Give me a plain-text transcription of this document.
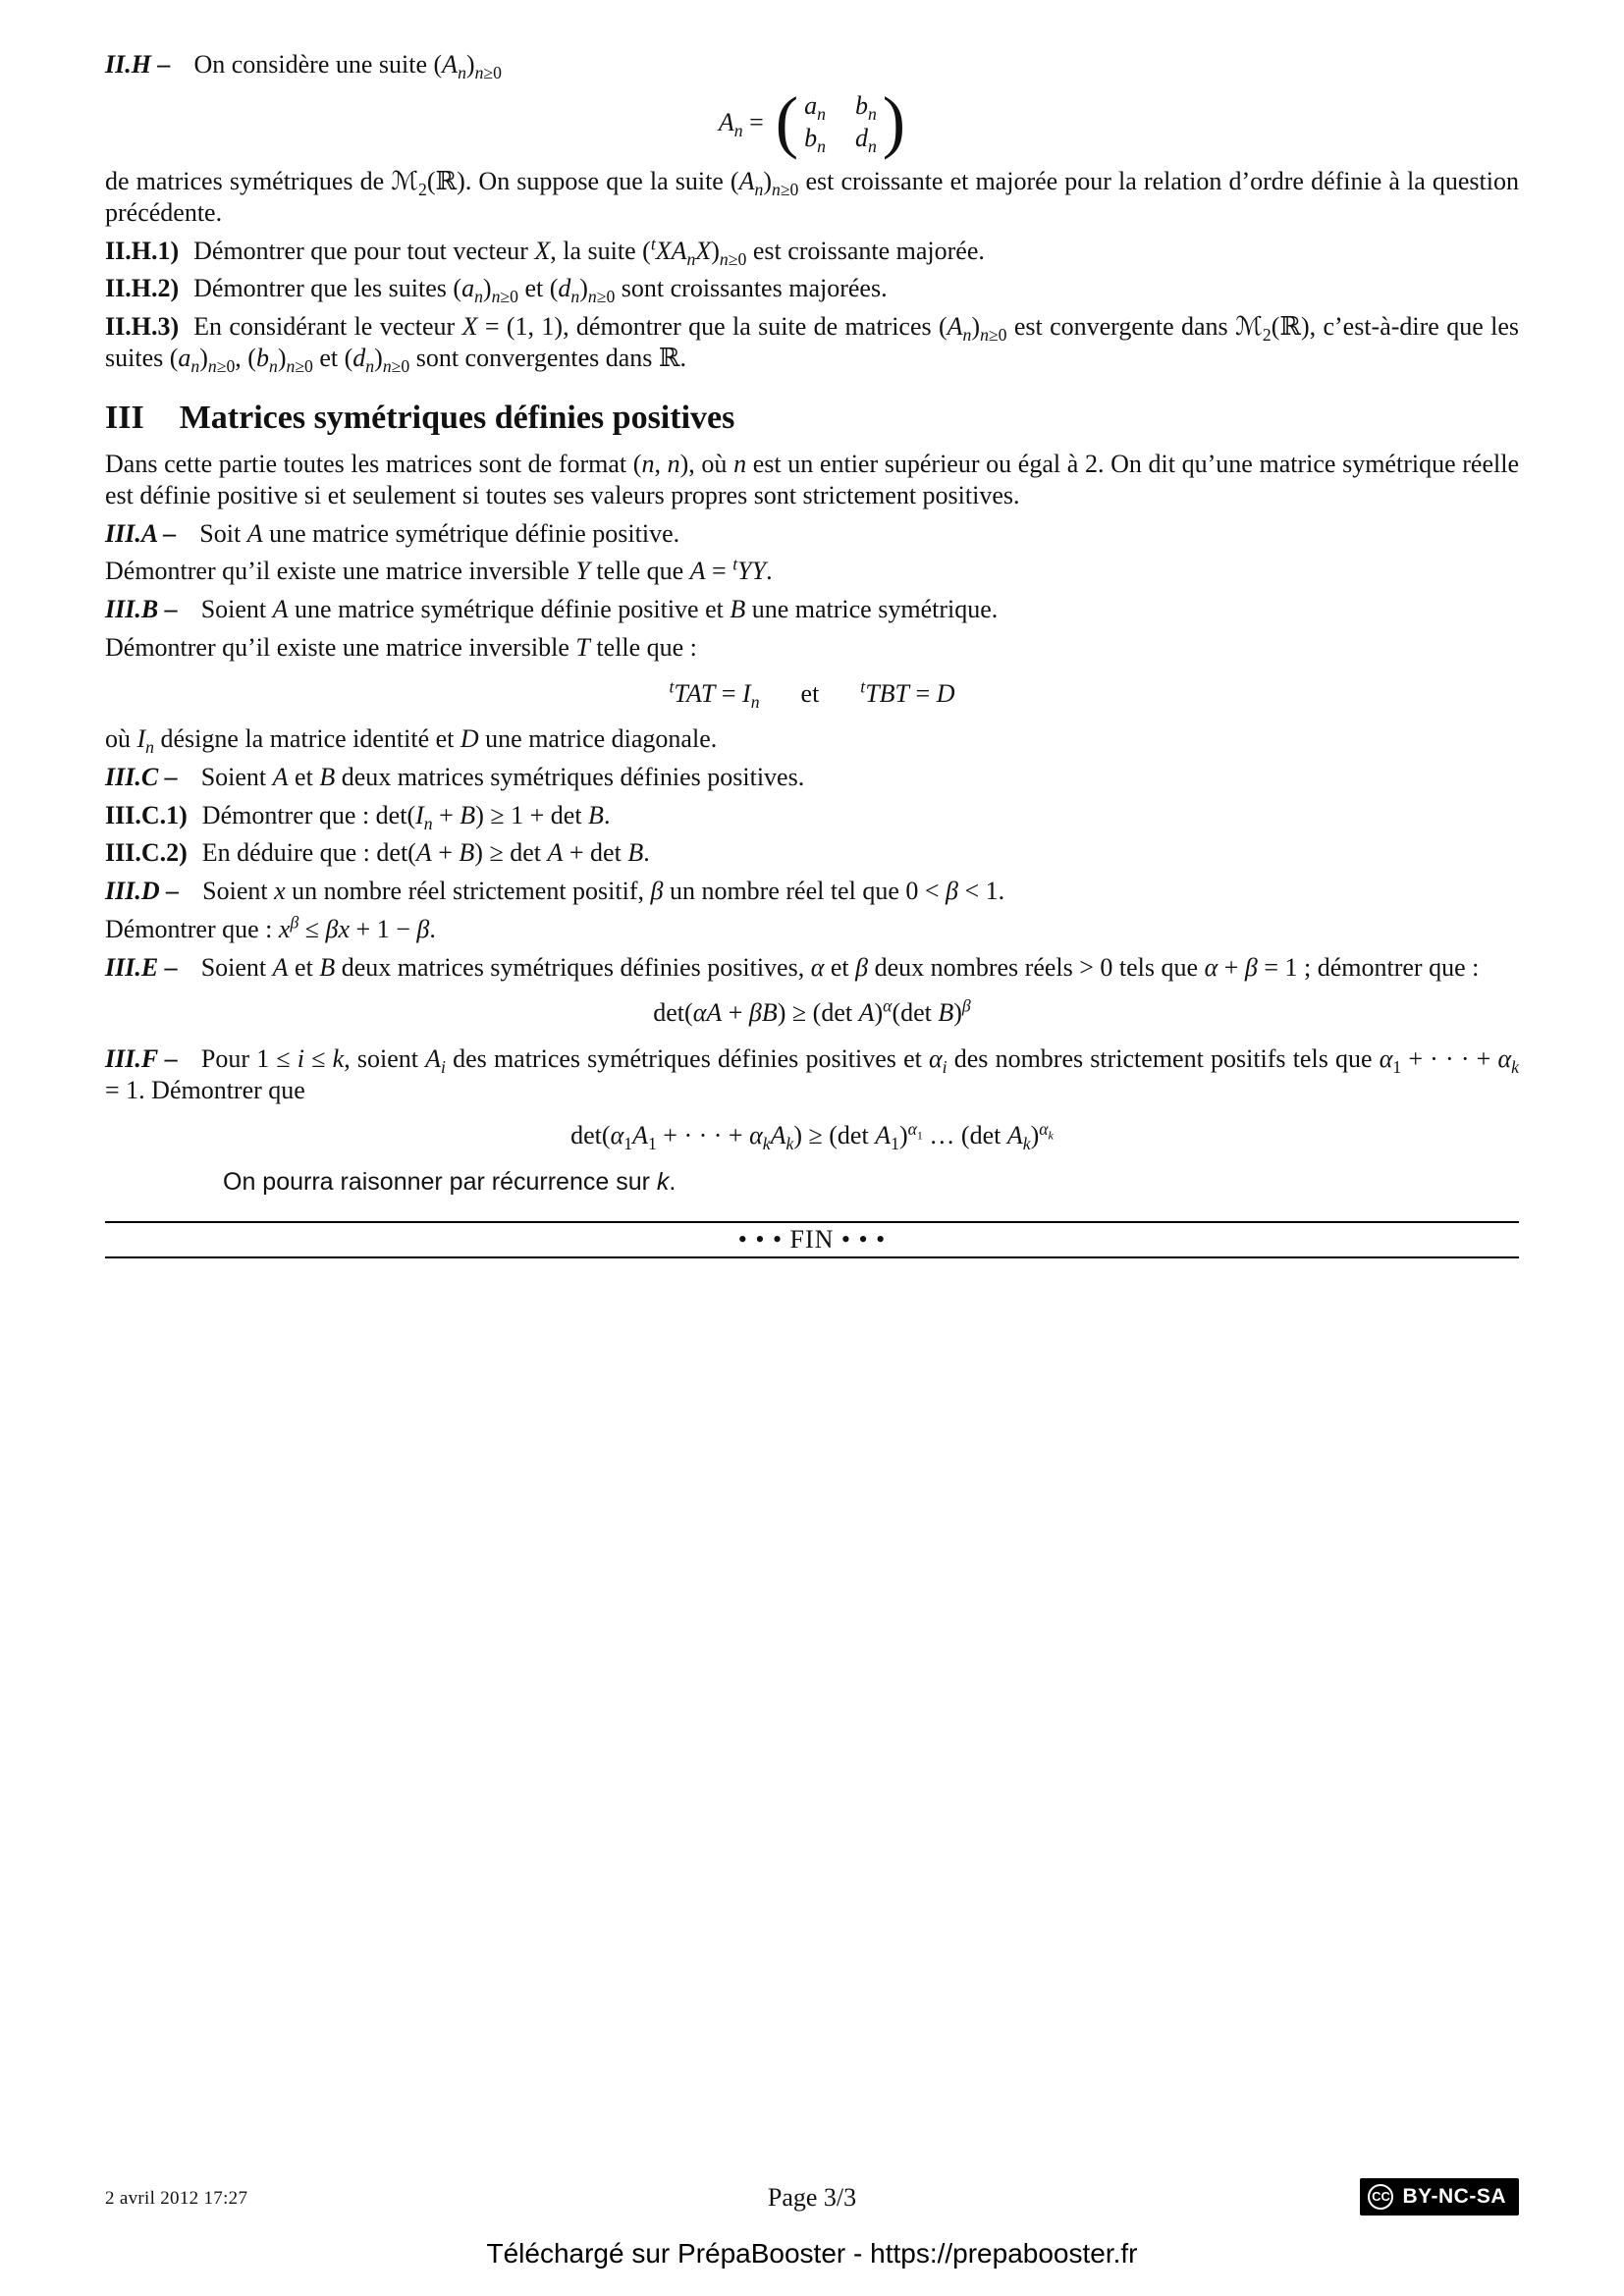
II.H – On considère une suite $(A_n)_{n\ge 0}$

$A_n$ = ( $a_n$ $b_n$
$b_n$ $d_n$ )

de matrices symétriques de ℳ$_2$(ℝ). On suppose que la suite $(A_n)_{n\ge 0}$ est croissante et majorée pour la relation d’ordre définie à la question précédente.

II.H.1) Démontrer que pour tout vecteur X, la suite $(^tXA_nX)_{n\ge 0}$ est croissante majorée.

II.H.2) Démontrer que les suites $(a_n)_{n\ge 0}$ et $(d_n)_{n\ge 0}$ sont croissantes majorées.

II.H.3) En considérant le vecteur X = (1, 1), démontrer que la suite de matrices $(A_n)_{n\ge 0}$ est convergente dans ℳ$_2$(ℝ), c’est-à-dire que les suites $(a_n)_{n\ge 0}$, $(b_n)_{n\ge 0}$ et $(d_n)_{n\ge 0}$ sont convergentes dans ℝ.

III Matrices symétriques définies positives

Dans cette partie toutes les matrices sont de format (n, n), où n est un entier supérieur ou égal à 2. On dit qu’une matrice symétrique réelle est définie positive si et seulement si toutes ses valeurs propres sont strictement positives.

III.A – Soit A une matrice symétrique définie positive.

Démontrer qu’il existe une matrice inversible Y telle que A = $^t$YY.

III.B – Soient A une matrice symétrique définie positive et B une matrice symétrique.

Démontrer qu’il existe une matrice inversible T telle que :

$^tTAT = I_n$ et $^t$TBT = D

où $I_n$ désigne la matrice identité et D une matrice diagonale.

III.C – Soient A et B deux matrices symétriques définies positives.

III.C.1) Démontrer que : $\det(I_n + B) \ge 1 + \det B$.

III.C.2) En déduire que : det(A + B) ≥ det A + det B.

III.D – Soient x un nombre réel strictement positif, β un nombre réel tel que 0 < β < 1.

Démontrer que : $x^\beta \le \beta x + 1 - \beta$.

III.E – Soient A et B deux matrices symétriques définies positives, α et β deux nombres réels > 0 tels que α + β = 1 ; démontrer que :

det(αA + βB) ≥ (det A)$^\alpha$(det B)$^\beta$

III.F – Pour 1 ≤ i ≤ k, soient $A_i$ des matrices symétriques définies positives et $\alpha_i$ des nombres strictement positifs tels que $\alpha_1$ + · · · + $\alpha_k = 1$. Démontrer que

$\det(\alpha_1A_1$ + · · · + $\alpha_kA_k) \ge (\det$ $A_1)^{\alpha_1}$ … (det $A_k)^{\alpha_k}$

On pourra raisonner par récurrence sur k.

• • • FIN • • •
2 avril 2012 17:27	Page 3/3	CC BY-NC-SA
Téléchargé sur PrépaBooster - https://prepabooster.fr
